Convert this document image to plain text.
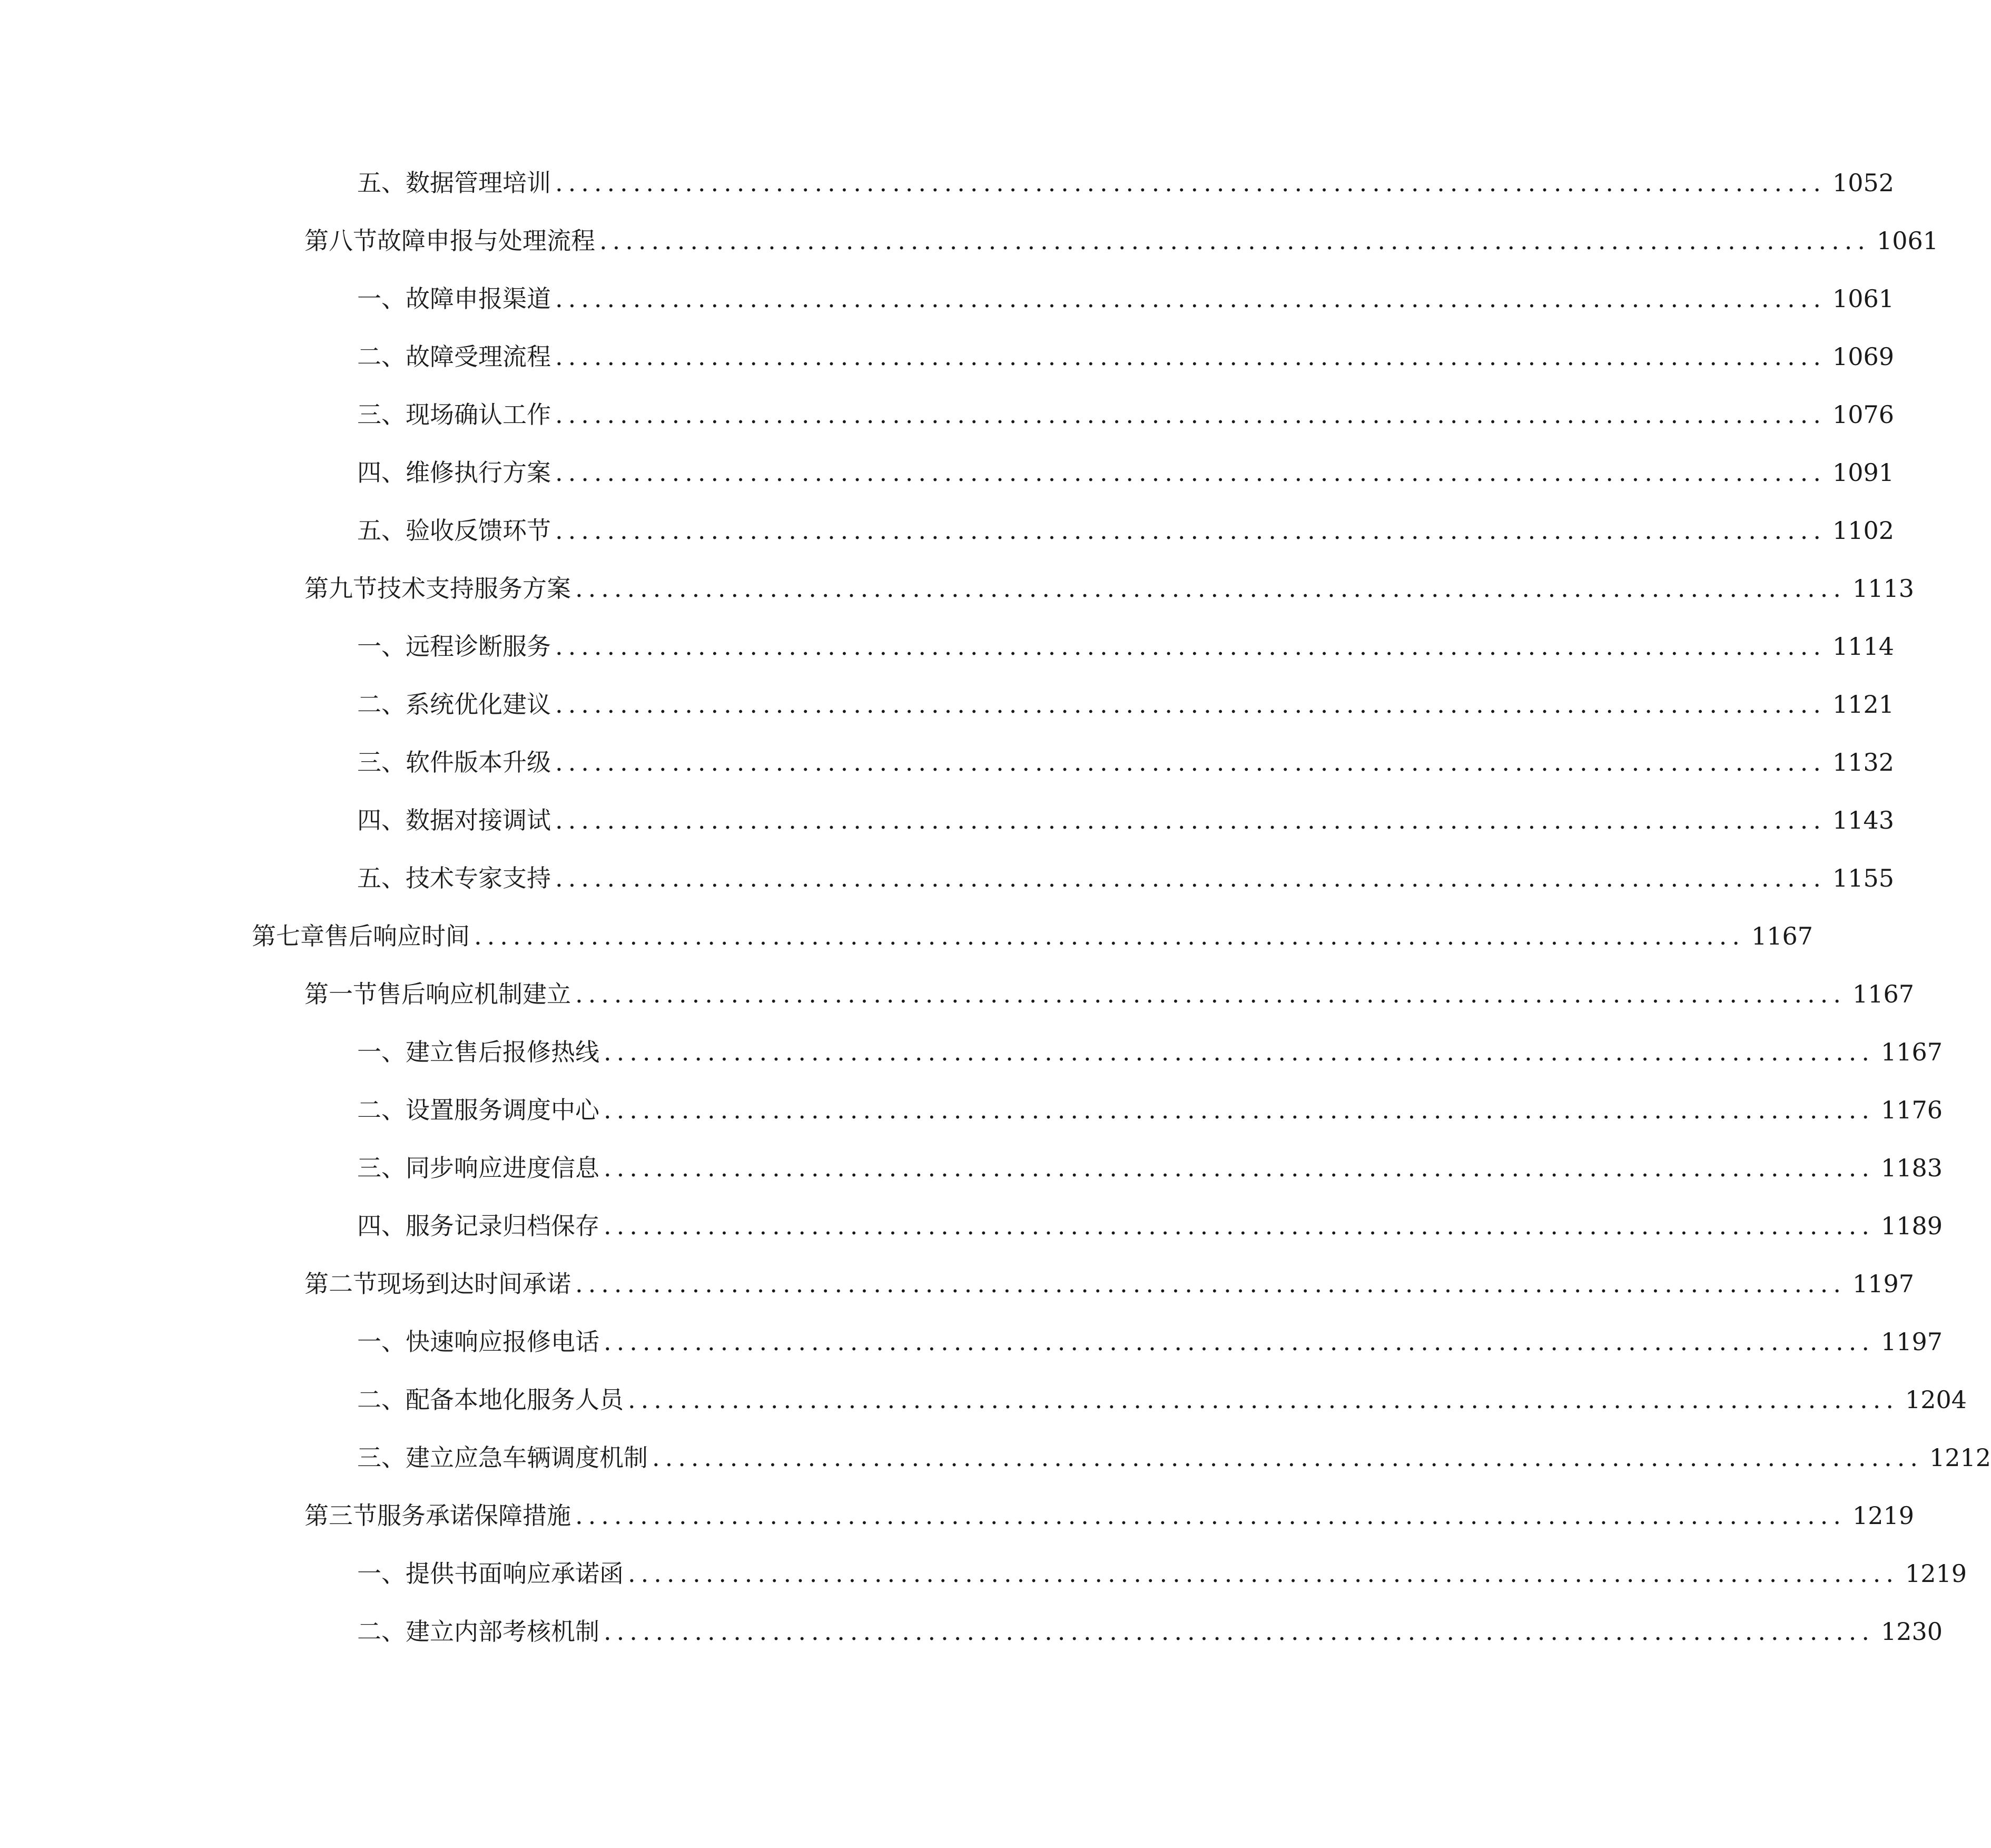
五、 数据管理培训 .................................................................................................. 1052
第八节 故障申报与处理流程 .................................................................................................. 1061
一、 故障申报渠道 .................................................................................................. 1061
二、 故障受理流程 .................................................................................................. 1069
三、 现场确认工作 .................................................................................................. 1076
四、 维修执行方案 .................................................................................................. 1091
五、 验收反馈环节 .................................................................................................. 1102
第九节 技术支持服务方案 .................................................................................................. 1113
一、 远程诊断服务 .................................................................................................. 1114
二、 系统优化建议 .................................................................................................. 1121
三、 软件版本升级 .................................................................................................. 1132
四、 数据对接调试 .................................................................................................. 1143
五、 技术专家支持 .................................................................................................. 1155
第七章 售后响应时间 .................................................................................................. 1167
第一节 售后响应机制建立 .................................................................................................. 1167
一、 建立售后报修热线 .................................................................................................. 1167
二、 设置服务调度中心 .................................................................................................. 1176
三、 同步响应进度信息 .................................................................................................. 1183
四、 服务记录归档保存 .................................................................................................. 1189
第二节 现场到达时间承诺 .................................................................................................. 1197
一、 快速响应报修电话 .................................................................................................. 1197
二、 配备本地化服务人员 .................................................................................................. 1204
三、 建立应急车辆调度机制 .................................................................................................. 1212
第三节 服务承诺保障措施 .................................................................................................. 1219
一、 提供书面响应承诺函 .................................................................................................. 1219
二、 建立内部考核机制 .................................................................................................. 1230
